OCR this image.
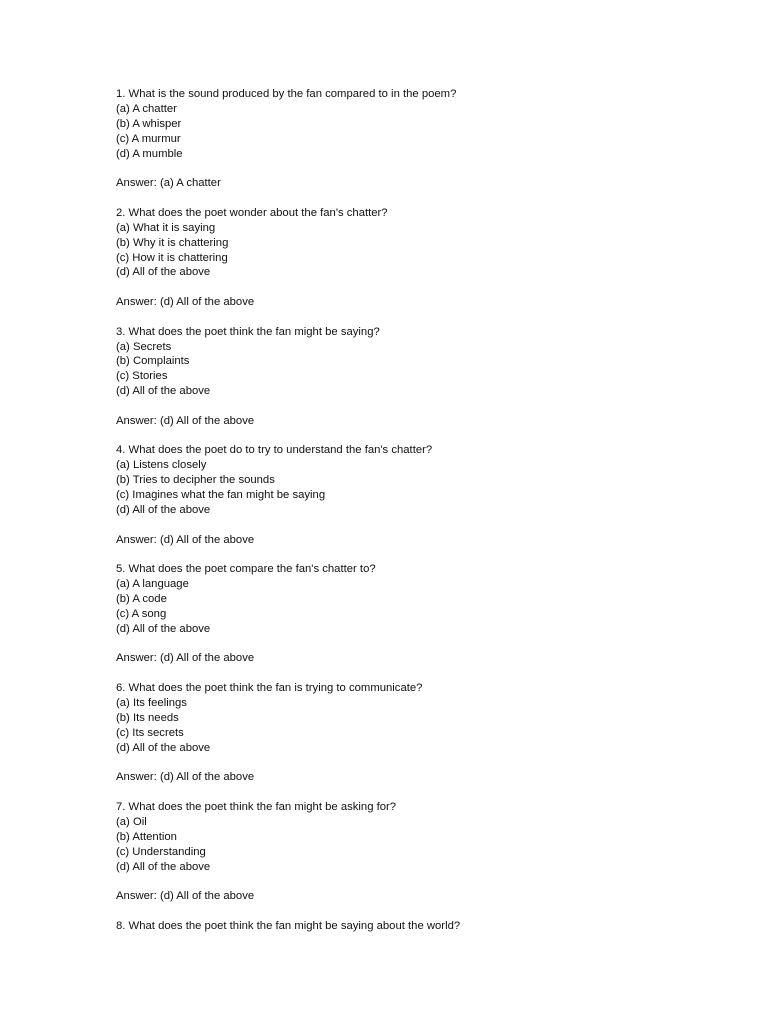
1. What is the sound produced by the fan compared to in the poem?
(a) A chatter
(b) A whisper
(c) A murmur
(d) A mumble
Answer: (a) A chatter
2. What does the poet wonder about the fan's chatter?
(a) What it is saying
(b) Why it is chattering
(c) How it is chattering
(d) All of the above
Answer: (d) All of the above
3. What does the poet think the fan might be saying?
(a) Secrets
(b) Complaints
(c) Stories
(d) All of the above
Answer: (d) All of the above
4. What does the poet do to try to understand the fan's chatter?
(a) Listens closely
(b) Tries to decipher the sounds
(c) Imagines what the fan might be saying
(d) All of the above
Answer: (d) All of the above
5. What does the poet compare the fan's chatter to?
(a) A language
(b) A code
(c) A song
(d) All of the above
Answer: (d) All of the above
6. What does the poet think the fan is trying to communicate?
(a) Its feelings
(b) Its needs
(c) Its secrets
(d) All of the above
Answer: (d) All of the above
7. What does the poet think the fan might be asking for?
(a) Oil
(b) Attention
(c) Understanding
(d) All of the above
Answer: (d) All of the above
8. What does the poet think the fan might be saying about the world?
